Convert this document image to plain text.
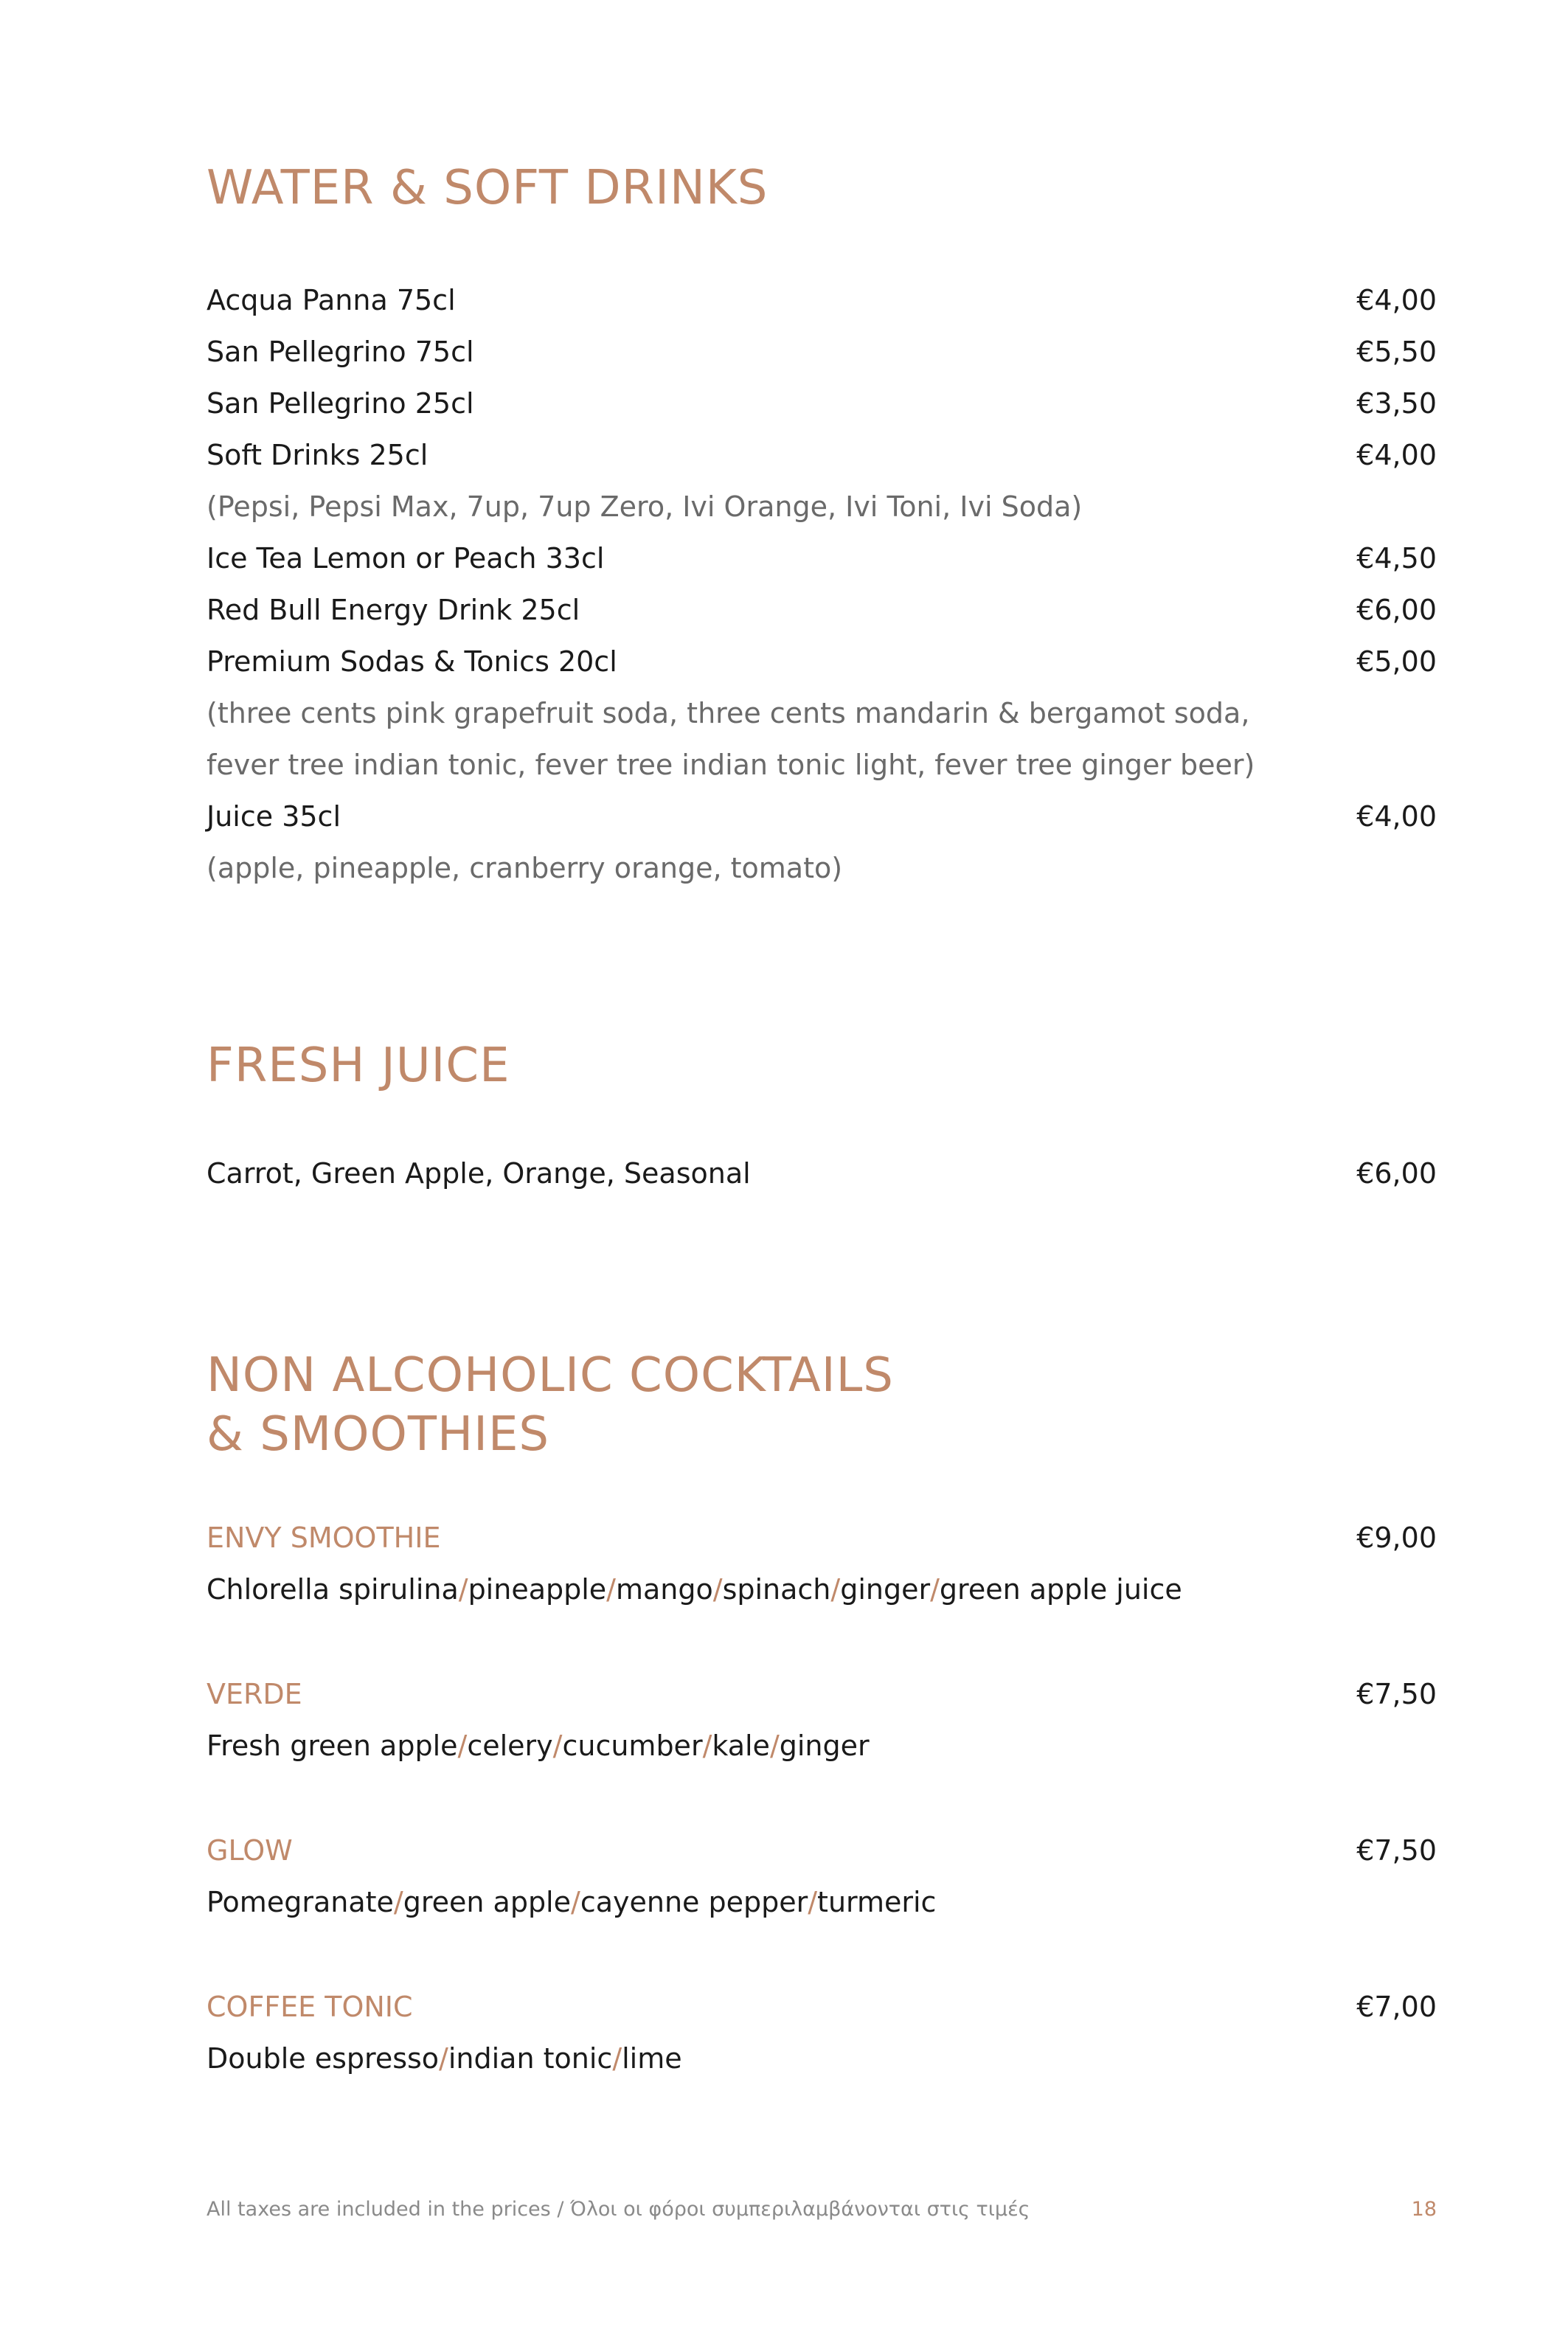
WATER & SOFT DRINKS
Acqua Panna 75cl	€4,00
San Pellegrino 75cl	€5,50
San Pellegrino 25cl	€3,50
Soft Drinks 25cl	€4,00
(Pepsi, Pepsi Max, 7up, 7up Zero, Ivi Orange, Ivi Toni, Ivi Soda)
Ice Tea Lemon or Peach 33cl	€4,50
Red Bull Energy Drink 25cl	€6,00
Premium Sodas & Tonics 20cl	€5,00
(three cents pink grapefruit soda, three cents mandarin & bergamot soda,
fever tree indian tonic, fever tree indian tonic light, fever tree ginger beer)
Juice 35cl	€4,00
(apple, pineapple, cranberry orange, tomato)
FRESH JUICE
Carrot, Green Apple, Orange, Seasonal	€6,00
NON ALCOHOLIC COCKTAILS
& SMOOTHIES
ENVY SMOOTHIE	€9,00
Chlorella spirulina/pineapple/mango/spinach/ginger/green apple juice
VERDE	€7,50
Fresh green apple/celery/cucumber/kale/ginger
GLOW	€7,50
Pomegranate/green apple/cayenne pepper/turmeric
COFFEE TONIC	€7,00
Double espresso/indian tonic/lime
All taxes are included in the prices / Όλοι οι φόροι συμπεριλαμβάνονται στις τιμές	18
